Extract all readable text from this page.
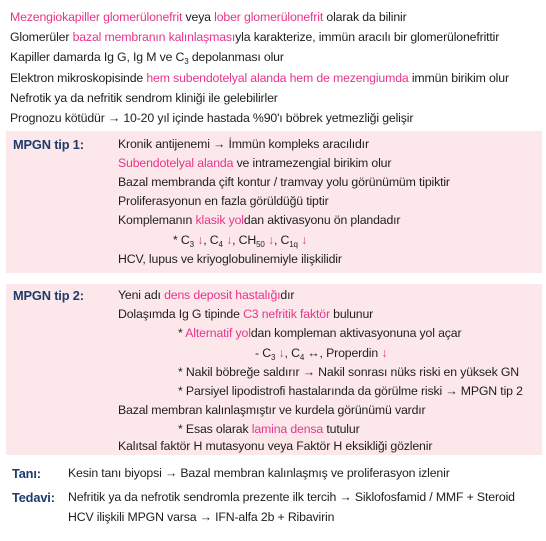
Mezengiokapiller glomerülonefrit veya lober glomerülonefrit olarak da bilinir
Glomerüler bazal membranın kalınlaşmasıyla karakterize, immün aracılı bir glomerülonefrittir
Kapiller damarda Ig G, Ig M ve $C_3$ depolanması olur
Elektron mikroskopisinde hem subendotelyal alanda hem de mezengiumda immün birikim olur
Nefrotik ya da nefritik sendrom kliniği ile gelebilirler
Prognozu kötüdür → 10-20 yıl içinde hastada %90'ı böbrek yetmezliği gelişir
MPGN tip 1:	Kronik antijenemi → İmmün kompleks aracılıdır
Subendotelyal alanda ve intramezengial birikim olur
Bazal membranda çift kontur / tramvay yolu görünümüm tipiktir
Proliferasyonun en fazla görüldüğü tiptir
Komplemanın klasik yoldan aktivasyonu ön plandadır
* $C_3$ ↓, $C_4$ ↓, $CH_{50}$ ↓, $C_{1q}$ ↓
HCV, lupus ve kriyoglobulinemiyle ilişkilidir
MPGN tip 2:	Yeni adı dens deposit hastalığıdır
Dolaşımda Ig G tipinde C3 nefritik faktör bulunur
* Alternatif yoldan kompleman aktivasyonuna yol açar
- $C_3$ ↓, $C_4$ ↔, Properdin ↓
* Nakil böbreğe saldırır → Nakil sonrası nüks riski en yüksek GN
* Parsiyel lipodistrofi hastalarında da görülme riski → MPGN tip 2
Bazal membran kalınlaşmıştır ve kurdela görünümü vardır
* Esas olarak lamina densa tutulur
Kalıtsal faktör H mutasyonu veya Faktör H eksikliği gözlenir
Tanı: Kesin tanı biyopsi → Bazal membran kalınlaşmış ve proliferasyon izlenir
Tedavi: Nefritik ya da nefrotik sendromla prezente ilk tercih → Siklofosfamid / MMF + Steroid
HCV ilişkili MPGN varsa → IFN-alfa 2b + Ribavirin
